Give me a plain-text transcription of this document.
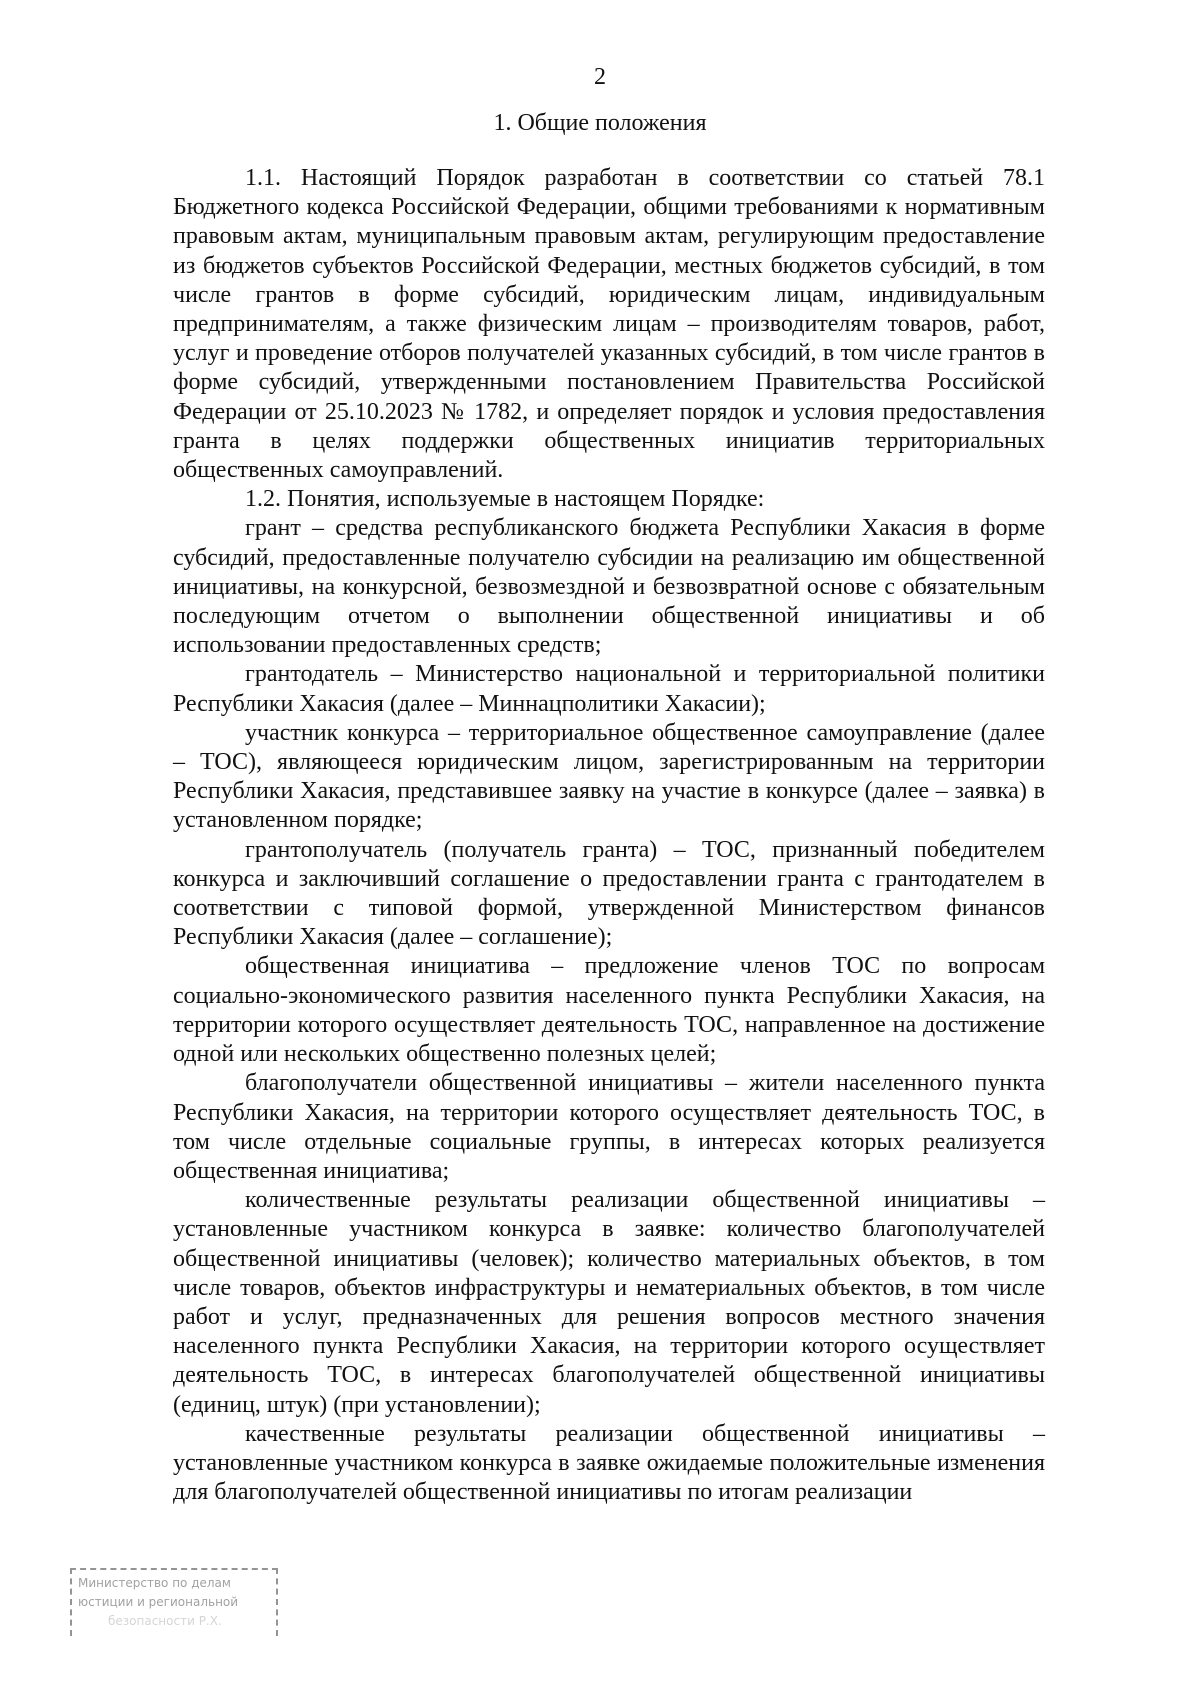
2
1. Общие положения

1.1. Настоящий Порядок разработан в соответствии со статьей 78.1 Бюджетного кодекса Российской Федерации, общими требованиями к нормативным правовым актам, муниципальным правовым актам, регулирующим предоставление из бюджетов субъектов Российской Федерации, местных бюджетов субсидий, в том числе грантов в форме субсидий, юридическим лицам, индивидуальным предпринимателям, а также физическим лицам – производителям товаров, работ, услуг и проведение отборов получателей указанных субсидий, в том числе грантов в форме субсидий, утвержденными постановлением Правительства Российской Федерации от 25.10.2023 № 1782, и определяет порядок и условия предоставления гранта в целях поддержки общественных инициатив территориальных общественных самоуправлений.

1.2. Понятия, используемые в настоящем Порядке:

грант – средства республиканского бюджета Республики Хакасия в форме субсидий, предоставленные получателю субсидии на реализацию им общественной инициативы, на конкурсной, безвозмездной и безвозвратной основе с обязательным последующим отчетом о выполнении общественной инициативы и об использовании предоставленных средств;

грантодатель – Министерство национальной и территориальной политики Республики Хакасия (далее – Миннацполитики Хакасии);

участник конкурса – территориальное общественное самоуправление (далее – ТОС), являющееся юридическим лицом, зарегистрированным на территории Республики Хакасия, представившее заявку на участие в конкурсе (далее – заявка) в установленном порядке;

грантополучатель (получатель гранта) – ТОС, признанный победителем конкурса и заключивший соглашение о предоставлении гранта с грантодателем в соответствии с типовой формой, утвержденной Министерством финансов Республики Хакасия (далее – соглашение);

общественная инициатива – предложение членов ТОС по вопросам социально-экономического развития населенного пункта Республики Хакасия, на территории которого осуществляет деятельность ТОС, направленное на достижение одной или нескольких общественно полезных целей;

благополучатели общественной инициативы – жители населенного пункта Республики Хакасия, на территории которого осуществляет деятельность ТОС, в том числе отдельные социальные группы, в интересах которых реализуется общественная инициатива;

количественные результаты реализации общественной инициативы – установленные участником конкурса в заявке: количество благополучателей общественной инициативы (человек); количество материальных объектов, в том числе товаров, объектов инфраструктуры и нематериальных объектов, в том числе работ и услуг, предназначенных для решения вопросов местного значения населенного пункта Республики Хакасия, на территории которого осуществляет деятельность ТОС, в интересах благополучателей общественной инициативы (единиц, штук) (при установлении);

качественные результаты реализации общественной инициативы – установленные участником конкурса в заявке ожидаемые положительные изменения для благополучателей общественной инициативы по итогам реализации

Министерство по делам
юстиции и региональной
безопасности Р.Х.
